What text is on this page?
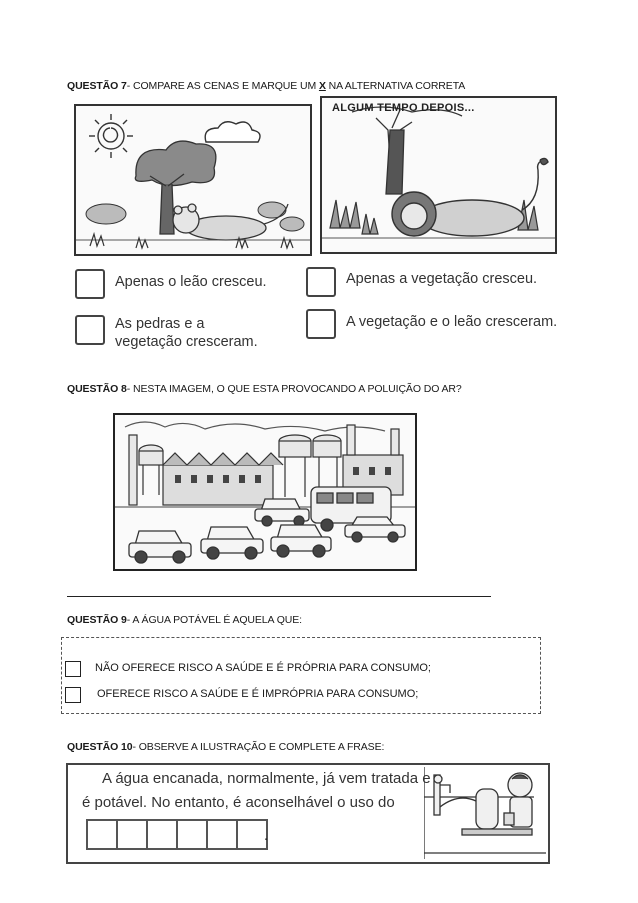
QUESTÃO 7- COMPARE AS CENAS E MARQUE UM X NA ALTERNATIVA CORRETA
ALGUM TEMPO DEPOIS...
Apenas o leão cresceu.	Apenas a vegetação cresceu.
As pedras e a vegetação cresceram.
A vegetação e o leão cresceram.
QUESTÃO 8- NESTA IMAGEM, O QUE ESTA PROVOCANDO A POLUIÇÃO DO AR?
QUESTÃO 9- A ÁGUA POTÁVEL É AQUELA QUE:
NÃO OFERECE RISCO A SAÚDE E É PRÓPRIA PARA CONSUMO;
OFERECE RISCO A SAÚDE E É IMPRÓPRIA PARA CONSUMO;
QUESTÃO 10- OBSERVE A ILUSTRAÇÃO E COMPLETE A FRASE:
A água encanada, normalmente, já vem tratada e
é potável. No entanto, é aconselhável o uso do
.
